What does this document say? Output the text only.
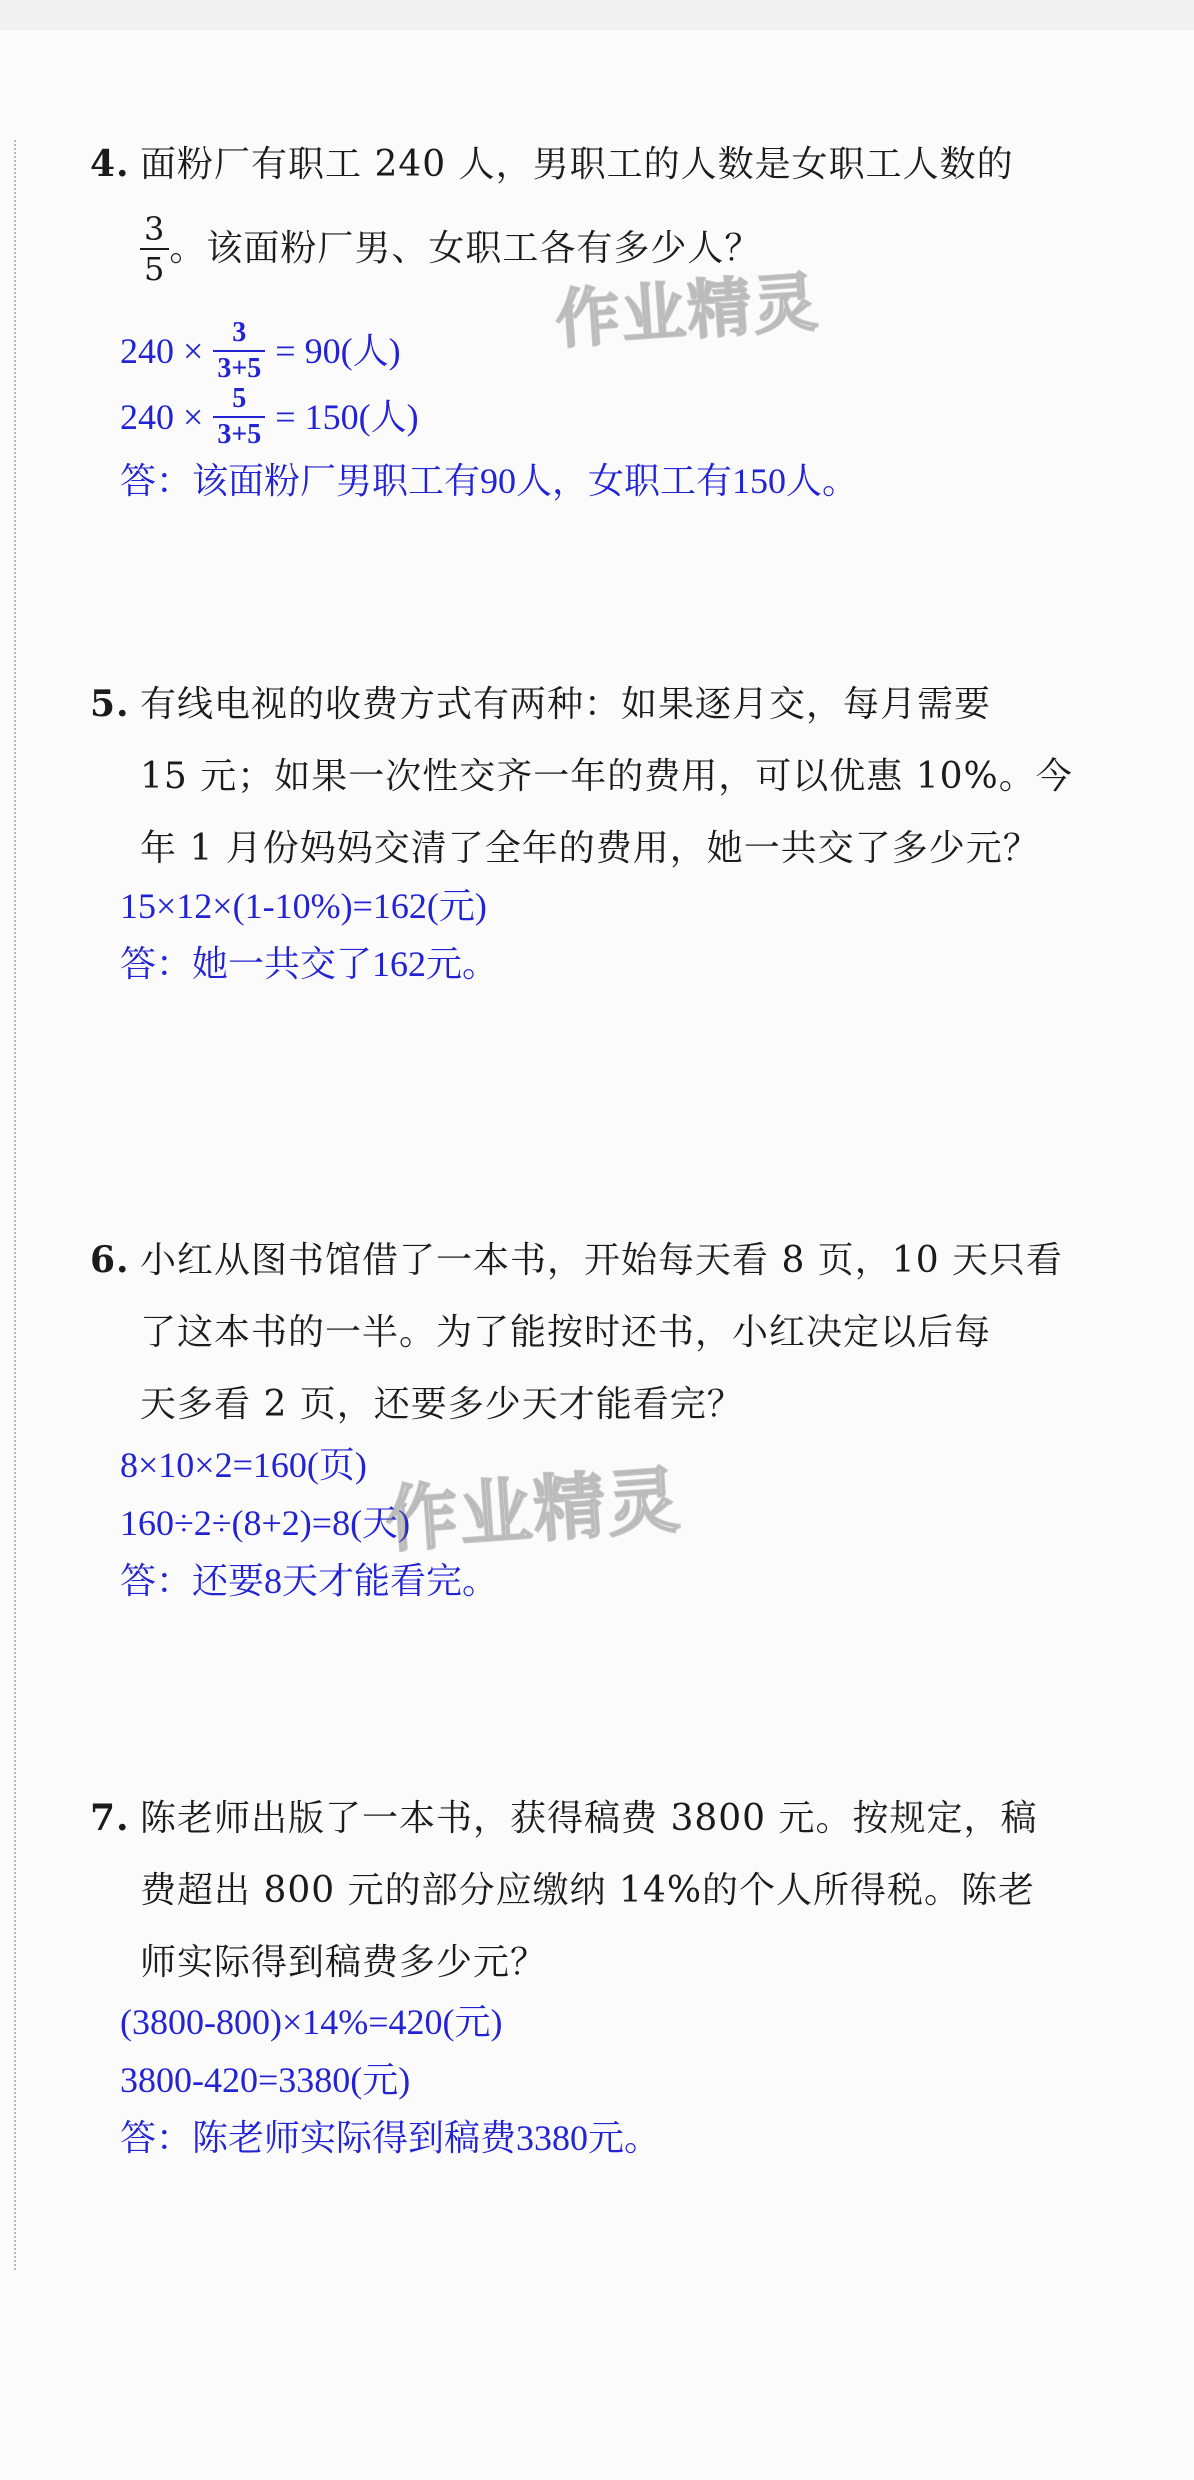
4. 面粉厂有职工 240 人，男职工的人数是女职工人数的
$\frac{3}{5}$ 。该面粉厂男、女职工各有多少人？
$240 \times \frac{3}{3+5} = 90$(人)
$240 \times \frac{5}{3+5} = 150$(人)
答：该面粉厂男职工有90人，女职工有150人。
5. 有线电视的收费方式有两种：如果逐月交，每月需要
15 元；如果一次性交齐一年的费用，可以优惠 10%。今
年 1 月份妈妈交清了全年的费用，她一共交了多少元？
15×12×(1-10%)=162(元)
答：她一共交了162元。
6. 小红从图书馆借了一本书，开始每天看 8 页，10 天只看
了这本书的一半。为了能按时还书，小红决定以后每
天多看 2 页，还要多少天才能看完？
8×10×2=160(页)
160÷2÷(8+2)=8(天)
答：还要8天才能看完。
7. 陈老师出版了一本书，获得稿费 3800 元。按规定，稿
费超出 800 元的部分应缴纳 14%的个人所得税。陈老
师实际得到稿费多少元？
(3800-800)×14%=420(元)
3800-420=3380(元)
答：陈老师实际得到稿费3380元。
作业精灵
作业精灵
